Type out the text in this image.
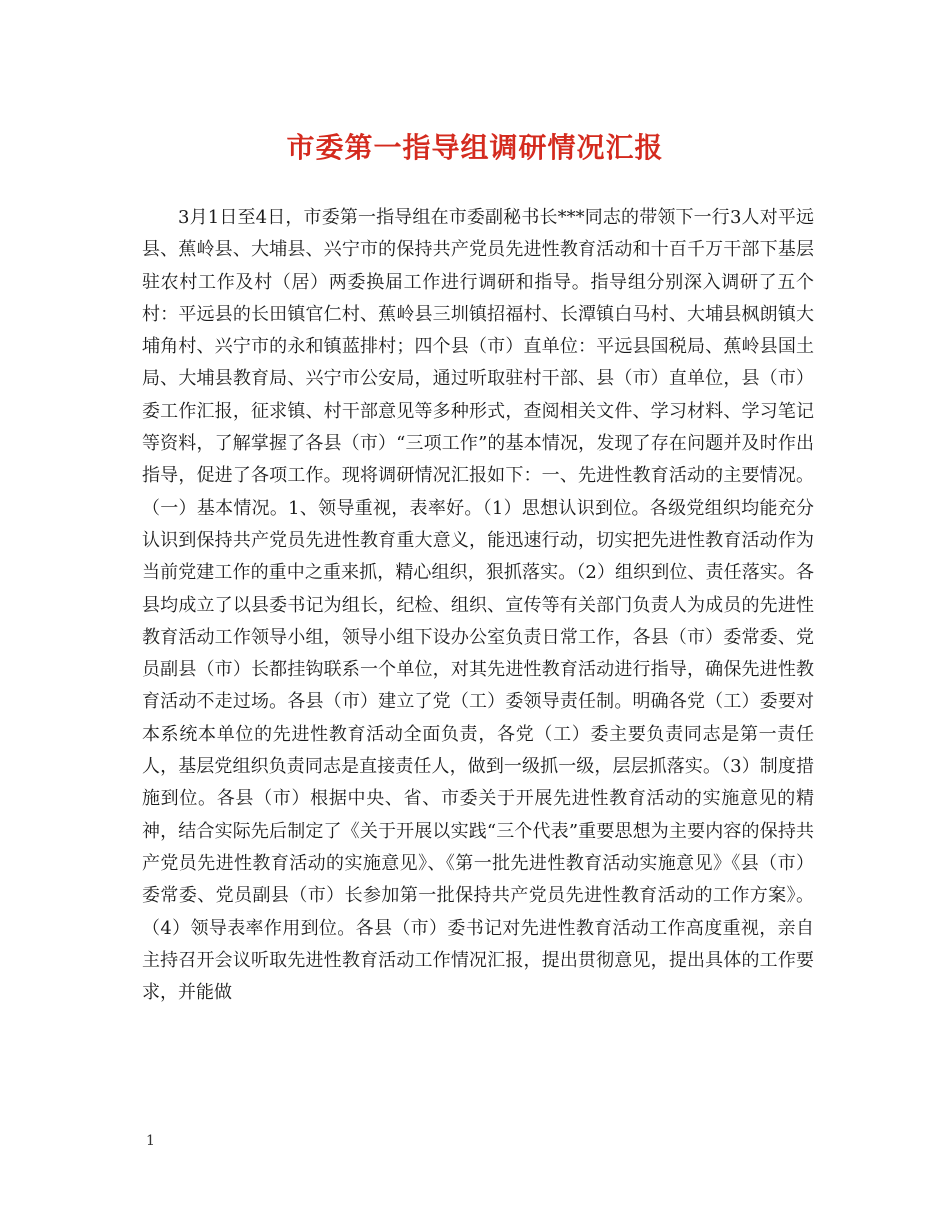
市委第一指导组调研情况汇报

3月1日至4日，市委第一指导组在市委副秘书长***同志的带领下一行3人对平远县、蕉岭县、大埔县、兴宁市的保持共产党员先进性教育活动和十百千万干部下基层驻农村工作及村（居）两委换届工作进行调研和指导。指导组分别深入调研了五个村：平远县的长田镇官仁村、蕉岭县三圳镇招福村、长潭镇白马村、大埔县枫朗镇大埔角村、兴宁市的永和镇蓝排村；四个县（市）直单位：平远县国税局、蕉岭县国土局、大埔县教育局、兴宁市公安局，通过听取驻村干部、县（市）直单位，县（市）委工作汇报，征求镇、村干部意见等多种形式，查阅相关文件、学习材料、学习笔记等资料，了解掌握了各县（市）“三项工作”的基本情况，发现了存在问题并及时作出指导，促进了各项工作。现将调研情况汇报如下：一、先进性教育活动的主要情况。（一）基本情况。1、领导重视，表率好。（1）思想认识到位。各级党组织均能充分认识到保持共产党员先进性教育重大意义，能迅速行动，切实把先进性教育活动作为当前党建工作的重中之重来抓，精心组织，狠抓落实。（2）组织到位、责任落实。各县均成立了以县委书记为组长，纪检、组织、宣传等有关部门负责人为成员的先进性教育活动工作领导小组，领导小组下设办公室负责日常工作，各县（市）委常委、党员副县（市）长都挂钩联系一个单位，对其先进性教育活动进行指导，确保先进性教育活动不走过场。各县（市）建立了党（工）委领导责任制。明确各党（工）委要对本系统本单位的先进性教育活动全面负责，各党（工）委主要负责同志是第一责任人，基层党组织负责同志是直接责任人，做到一级抓一级，层层抓落实。（3）制度措施到位。各县（市）根据中央、省、市委关于开展先进性教育活动的实施意见的精神，结合实际先后制定了《关于开展以实践“三个代表”重要思想为主要内容的保持共产党员先进性教育活动的实施意见》、《第一批先进性教育活动实施意见》《县（市）委常委、党员副县（市）长参加第一批保持共产党员先进性教育活动的工作方案》。（4）领导表率作用到位。各县（市）委书记对先进性教育活动工作高度重视，亲自主持召开会议听取先进性教育活动工作情况汇报，提出贯彻意见，提出具体的工作要求，并能做

1
